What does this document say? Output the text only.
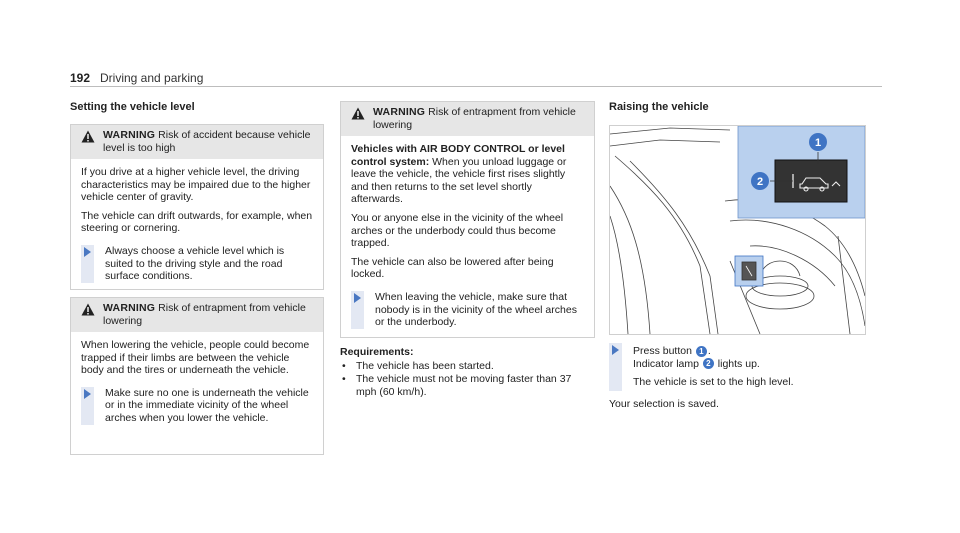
192 Driving and parking
Setting the vehicle level
WARNING Risk of accident because vehicle level is too high

If you drive at a higher vehicle level, the driving characteristics may be impaired due to the higher vehicle center of gravity.

The vehicle can drift outwards, for example, when steering or cornering.

Always choose a vehicle level which is suited to the driving style and the road surface conditions.
WARNING Risk of entrapment from vehicle lowering

When lowering the vehicle, people could become trapped if their limbs are between the vehicle body and the tires or underneath the vehicle.

Make sure no one is underneath the vehicle or in the immediate vicinity of the wheel arches when you lower the vehicle.
WARNING Risk of entrapment from vehicle lowering

Vehicles with AIR BODY CONTROL or level control system: When you unload luggage or leave the vehicle, the vehicle first rises slightly and then returns to the set level shortly afterwards.

You or anyone else in the vicinity of the wheel arches or the underbody could thus become trapped.

The vehicle can also be lowered after being locked.

When leaving the vehicle, make sure that nobody is in the vicinity of the wheel arches or the underbody.
Requirements:
• The vehicle has been started.
• The vehicle must not be moving faster than 37 mph (60 km/h).
Raising the vehicle
1
2
Press button 1 .
Indicator lamp 2 lights up.
The vehicle is set to the high level.
Your selection is saved.
